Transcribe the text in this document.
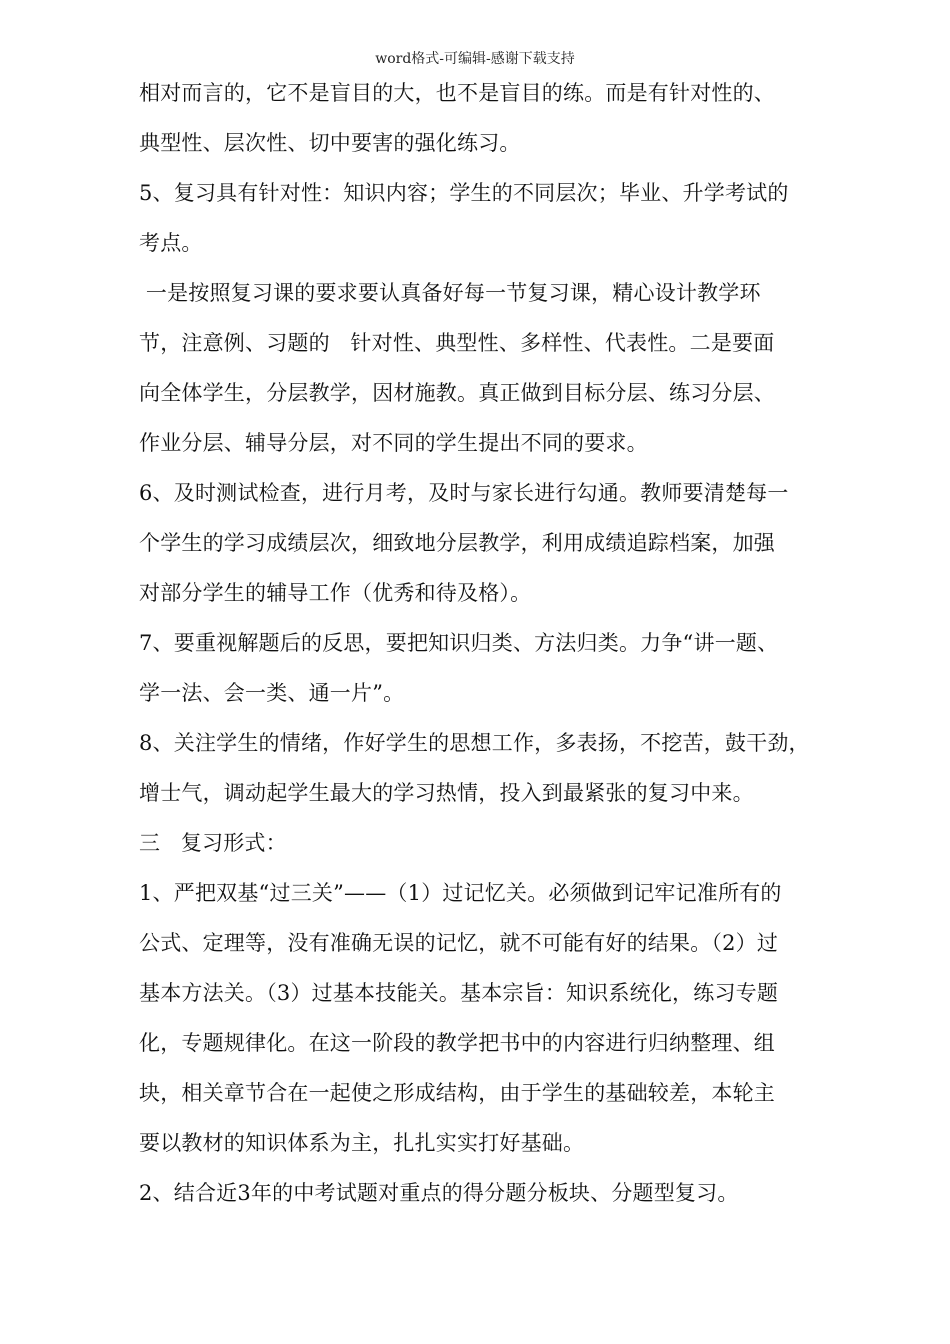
word格式-可编辑-感谢下载支持
相对而言的，它不是盲目的大，也不是盲目的练。而是有针对性的、
典型性、层次性、切中要害的强化练习。
5、复习具有针对性：知识内容；学生的不同层次；毕业、升学考试的
考点。
一是按照复习课的要求要认真备好每一节复习课，精心设计教学环
节，注意例、习题的   针对性、典型性、多样性、代表性。二是要面
向全体学生，分层教学，因材施教。真正做到目标分层、练习分层、
作业分层、辅导分层，对不同的学生提出不同的要求。
6、及时测试检查，进行月考，及时与家长进行勾通。教师要清楚每一
个学生的学习成绩层次，细致地分层教学，利用成绩追踪档案，加强
对部分学生的辅导工作（优秀和待及格）。
7、要重视解题后的反思，要把知识归类、方法归类。力争“讲一题、
学一法、会一类、通一片”。
8、关注学生的情绪，作好学生的思想工作，多表扬，不挖苦，鼓干劲，
增士气，调动起学生最大的学习热情，投入到最紧张的复习中来。
三   复习形式：
1、严把双基“过三关”——（1）过记忆关。必须做到记牢记准所有的
公式、定理等，没有准确无误的记忆，就不可能有好的结果。（2）过
基本方法关。（3）过基本技能关。基本宗旨：知识系统化，练习专题
化，专题规律化。在这一阶段的教学把书中的内容进行归纳整理、组
块，相关章节合在一起使之形成结构，由于学生的基础较差，本轮主
要以教材的知识体系为主，扎扎实实打好基础。
2、结合近3年的中考试题对重点的得分题分板块、分题型复习。
